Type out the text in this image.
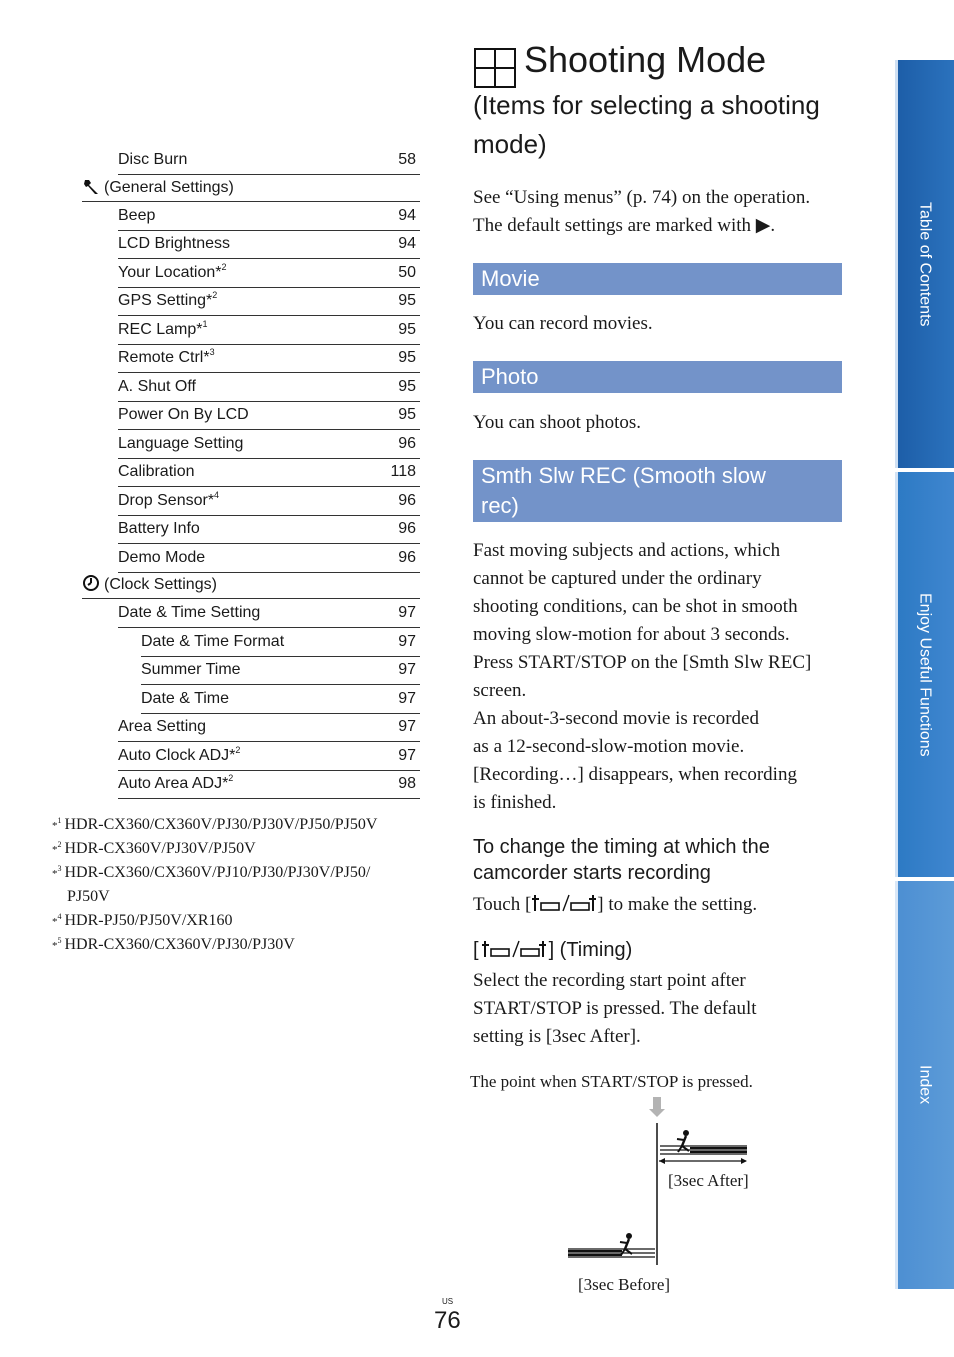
Disc Burn	58
(General Settings)
Beep	94
LCD Brightness	94
Your Location*$^2$	50
GPS Setting*$^2$	95
REC Lamp*$^1$	95
Remote Ctrl*$^3$	95
A. Shut Off	95
Power On By LCD	95
Language Setting	96
Calibration	118
Drop Sensor*$^4$	96
Battery Info	96
Demo Mode	96
(Clock Settings)
Date & Time Setting	97
Date & Time Format	97
Summer Time	97
Date & Time	97
Area Setting	97
Auto Clock ADJ*$^2$	97
Auto Area ADJ*$^2$	98
*$^1$ HDR-CX360/CX360V/PJ30/PJ30V/PJ50/PJ50V
*$^2$ HDR-CX360V/PJ30V/PJ50V
*$^3$ HDR-CX360/CX360V/PJ10/PJ30/PJ30V/PJ50/
PJ50V
*$^4$ HDR-PJ50/PJ50V/XR160
*$^5$ HDR-CX360/CX360V/PJ30/PJ30V
Shooting Mode
(Items for selecting a shooting mode)
See “Using menus” (p. 74) on the operation.
The default settings are marked with ▶.
Movie
You can record movies.
Photo
You can shoot photos.
Smth Slw REC (Smooth slow rec)
Fast moving subjects and actions, which
cannot be captured under the ordinary
shooting conditions, can be shot in smooth
moving slow-motion for about 3 seconds.
Press START/STOP on the [Smth Slw REC]
screen.
An about-3-second movie is recorded
as a 12-second-slow-motion movie.
[Recording…] disappears, when recording
is finished.
To change the timing at which the
camcorder starts recording
Touch [	] to make the setting.
[	] (Timing)
Select the recording start point after
START/STOP is pressed. The default
setting is [3sec After].
The point when START/STOP is pressed.
[3sec After]
[3sec Before]
US
76
Table of Contents
Enjoy Useful Functions
Index
